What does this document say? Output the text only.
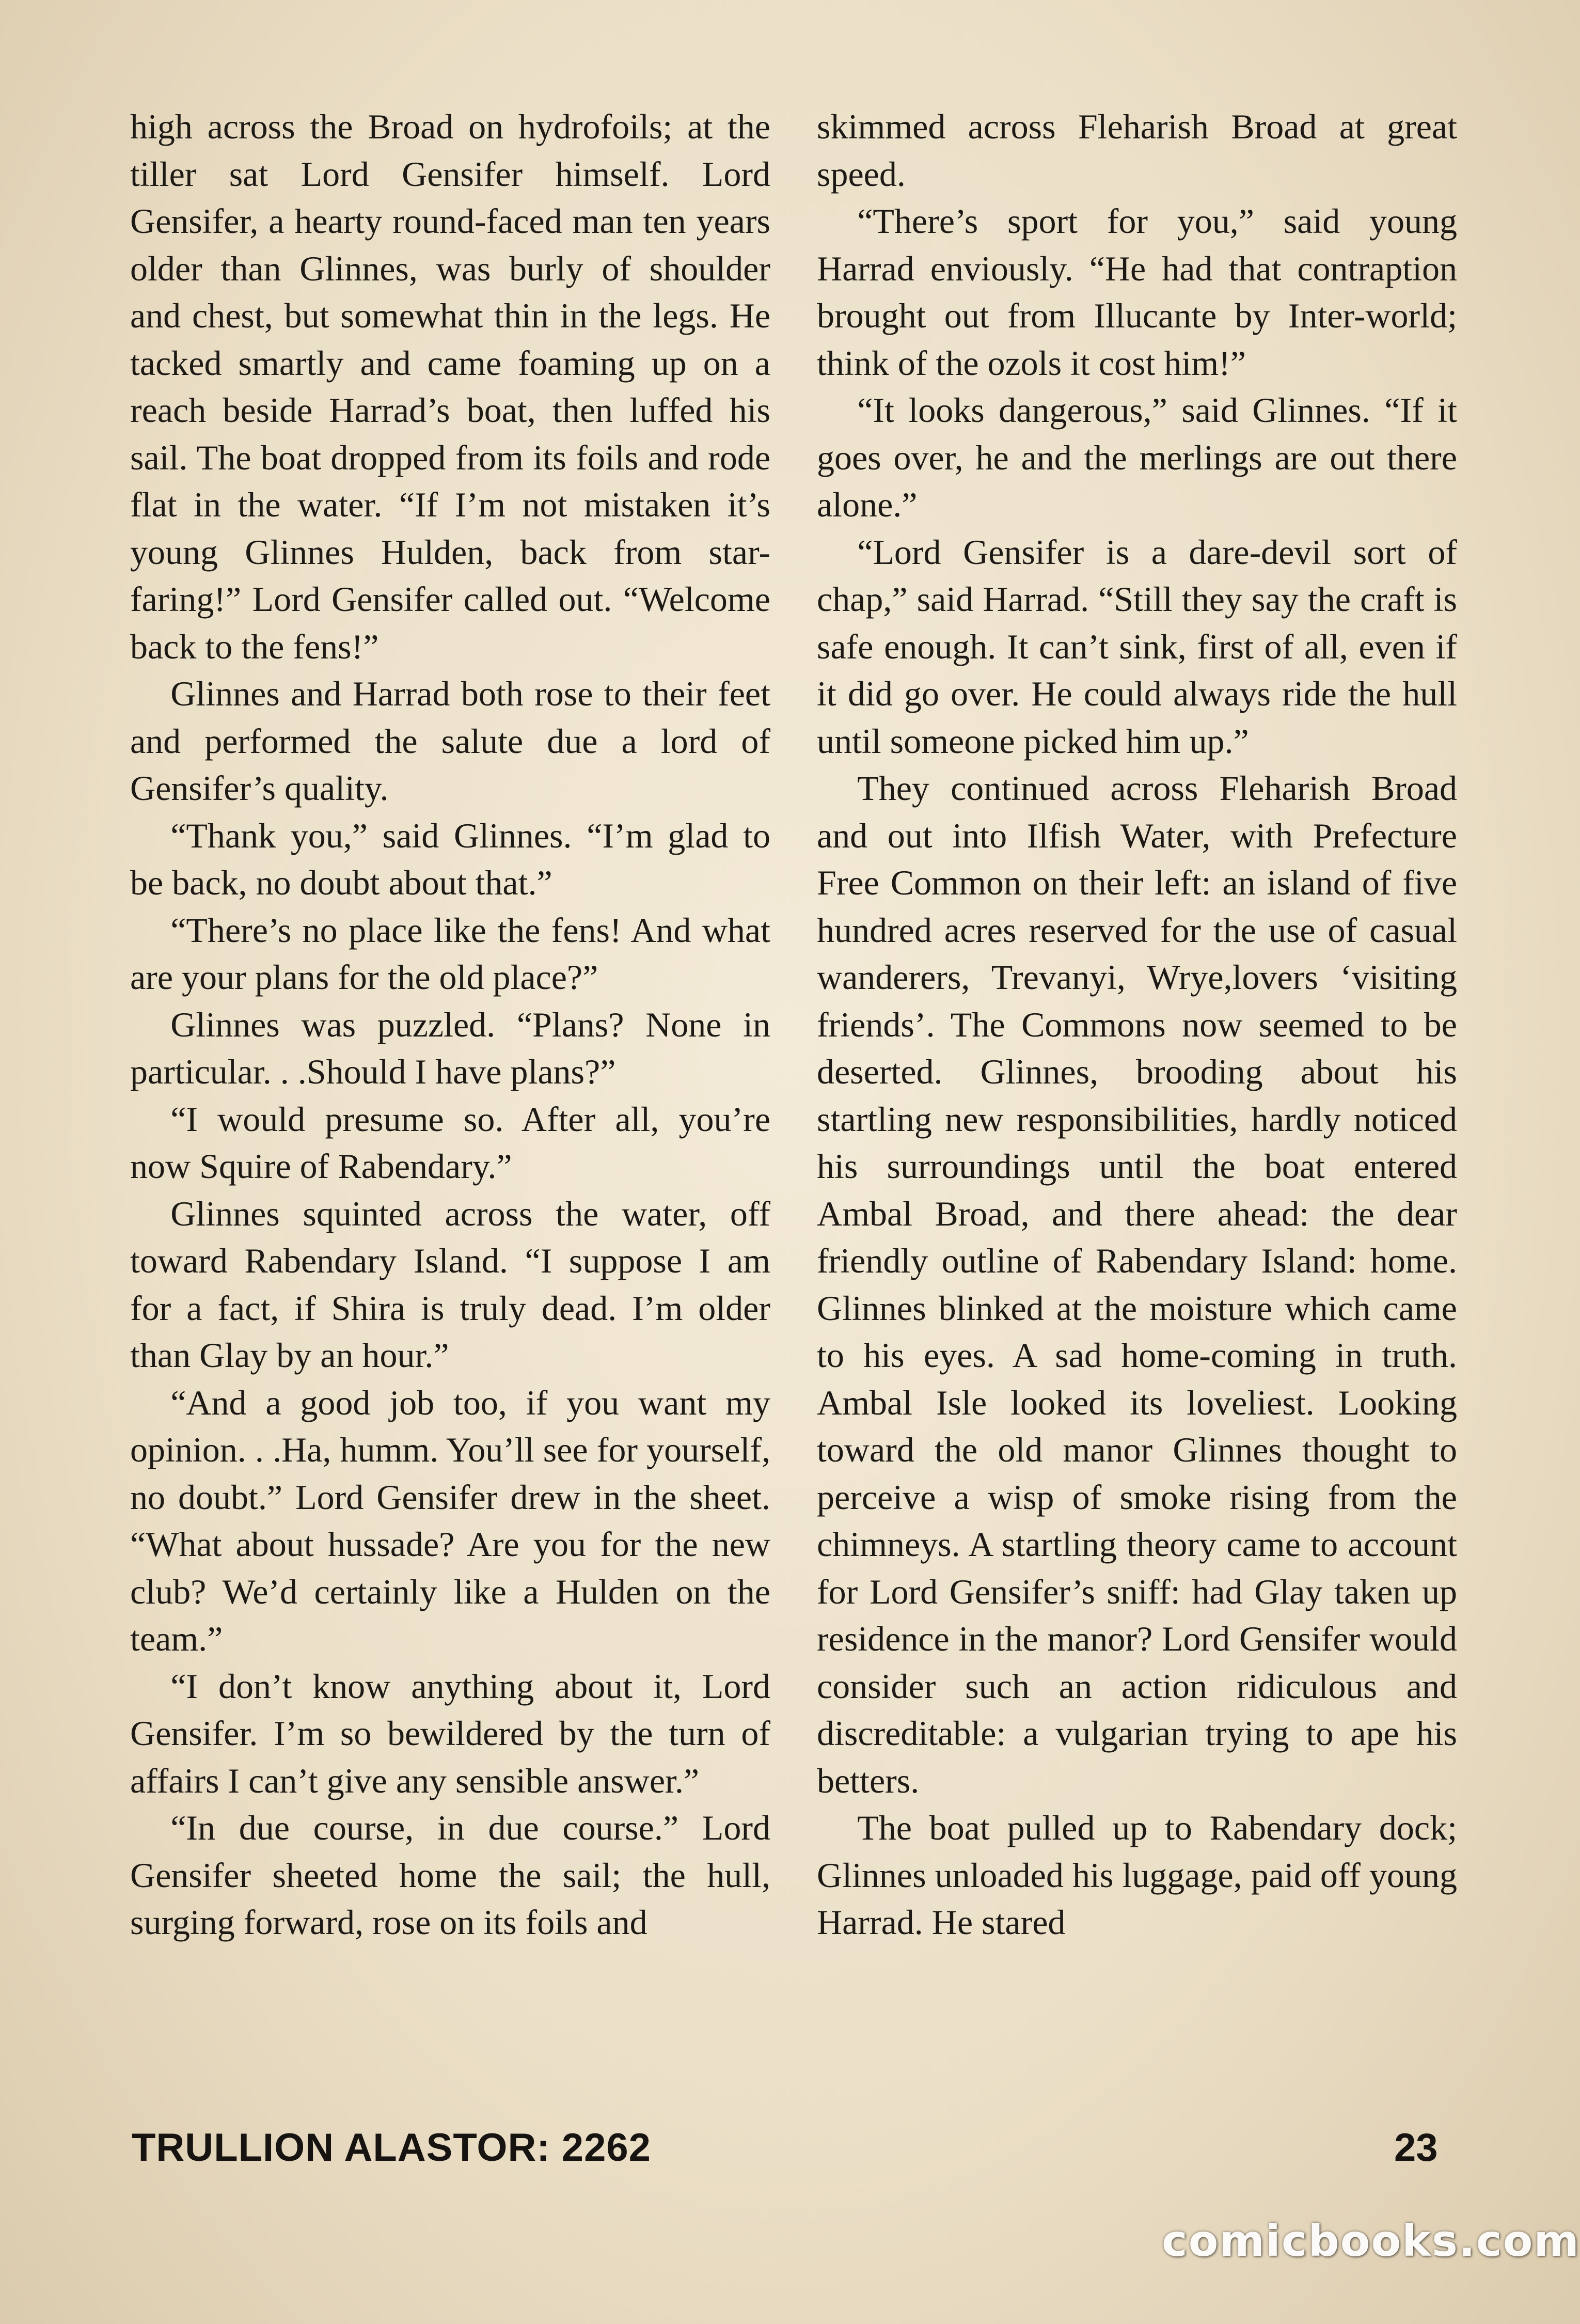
high across the Broad on hydrofoils; at the tiller sat Lord Gensifer himself. Lord Gensifer, a hearty round-faced man ten years older than Glinnes, was burly of shoulder and chest, but somewhat thin in the legs. He tacked smartly and came foaming up on a reach beside Harrad’s boat, then luffed his sail. The boat dropped from its foils and rode flat in the water. “If I’m not mistaken it’s young Glinnes Hulden, back from star-faring!” Lord Gensifer called out. “Welcome back to the fens!”

Glinnes and Harrad both rose to their feet and performed the salute due a lord of Gensifer’s quality.

“Thank you,” said Glinnes. “I’m glad to be back, no doubt about that.”

“There’s no place like the fens! And what are your plans for the old place?”

Glinnes was puzzled. “Plans? None in particular. . .Should I have plans?”

“I would presume so. After all, you’re now Squire of Rabendary.”

Glinnes squinted across the water, off toward Rabendary Island. “I suppose I am for a fact, if Shira is truly dead. I’m older than Glay by an hour.”

“And a good job too, if you want my opinion. . .Ha, humm. You’ll see for yourself, no doubt.” Lord Gensifer drew in the sheet. “What about hussade? Are you for the new club? We’d certainly like a Hulden on the team.”

“I don’t know anything about it, Lord Gensifer. I’m so bewildered by the turn of affairs I can’t give any sensible answer.”

“In due course, in due course.” Lord Gensifer sheeted home the sail; the hull, surging forward, rose on its foils and

skimmed across Fleharish Broad at great speed.

“There’s sport for you,” said young Harrad enviously. “He had that contraption brought out from Illucante by Inter-world; think of the ozols it cost him!”

“It looks dangerous,” said Glinnes. “If it goes over, he and the merlings are out there alone.”

“Lord Gensifer is a dare-devil sort of chap,” said Harrad. “Still they say the craft is safe enough. It can’t sink, first of all, even if it did go over. He could always ride the hull until someone picked him up.”

They continued across Fleharish Broad and out into Ilfish Water, with Prefecture Free Common on their left: an island of five hundred acres reserved for the use of casual wanderers, Trevanyi, Wrye,lovers ‘visiting friends’. The Commons now seemed to be deserted. Glinnes, brooding about his startling new responsibilities, hardly noticed his surroundings until the boat entered Ambal Broad, and there ahead: the dear friendly outline of Rabendary Island: home. Glinnes blinked at the moisture which came to his eyes. A sad home-coming in truth. Ambal Isle looked its loveliest. Looking toward the old manor Glinnes thought to perceive a wisp of smoke rising from the chimneys. A startling theory came to account for Lord Gensifer’s sniff: had Glay taken up residence in the manor? Lord Gensifer would consider such an action ridiculous and discreditable: a vulgarian trying to ape his betters.

The boat pulled up to Rabendary dock; Glinnes unloaded his luggage, paid off young Harrad. He stared

TRULLION ALASTOR: 2262	23
comicbooks.com
